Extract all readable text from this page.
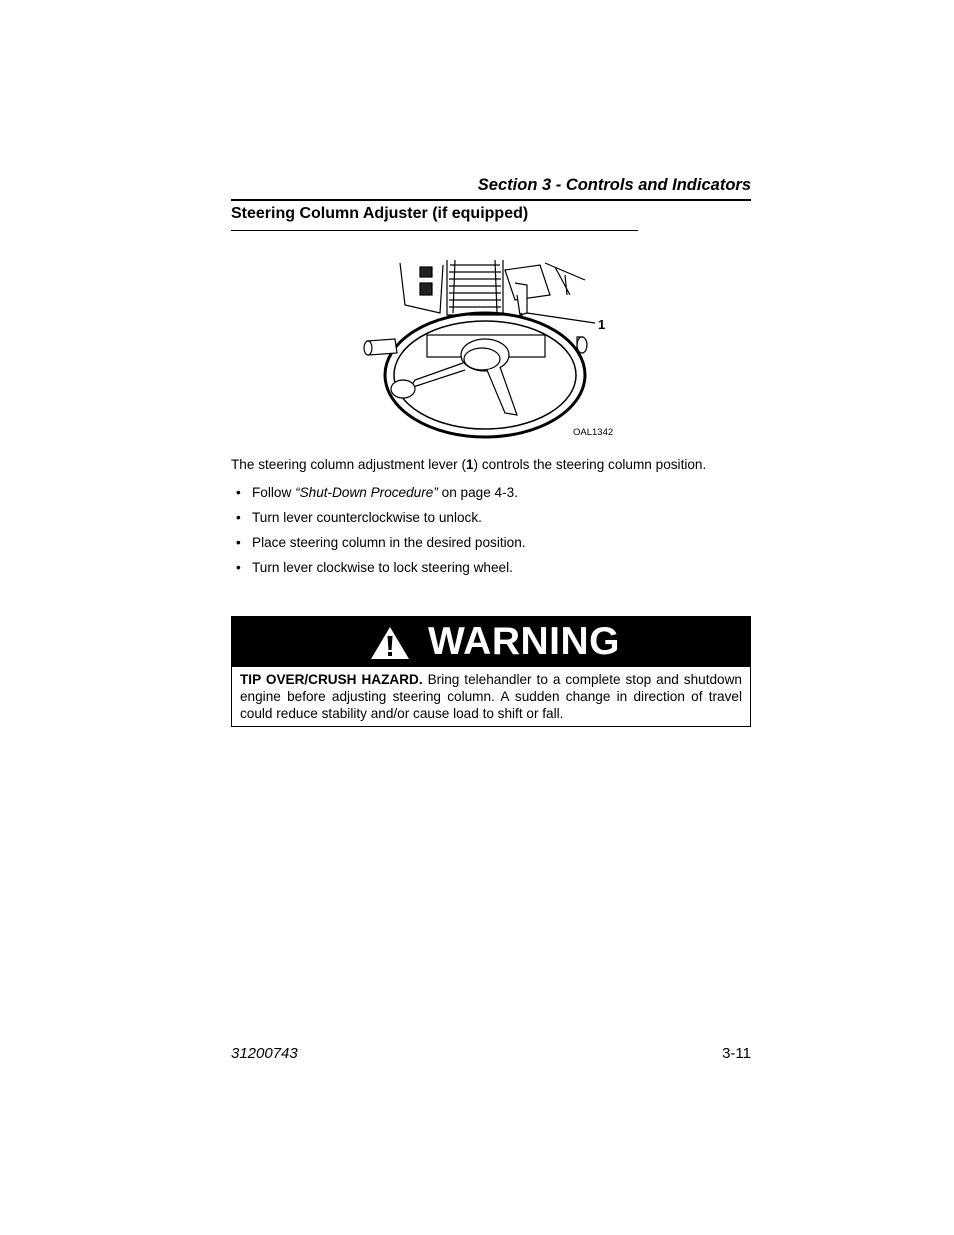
Section 3 - Controls and Indicators
Steering Column Adjuster (if equipped)
1
OAL1342
The steering column adjustment lever (1) controls the steering column position.
• Follow “Shut-Down Procedure” on page 4-3.
• Turn lever counterclockwise to unlock.
• Place steering column in the desired position.
• Turn lever clockwise to lock steering wheel.
WARNING
TIP OVER/CRUSH HAZARD. Bring telehandler to a complete stop and shutdown engine before adjusting steering column. A sudden change in direction of travel could reduce stability and/or cause load to shift or fall.
31200743	3-11
